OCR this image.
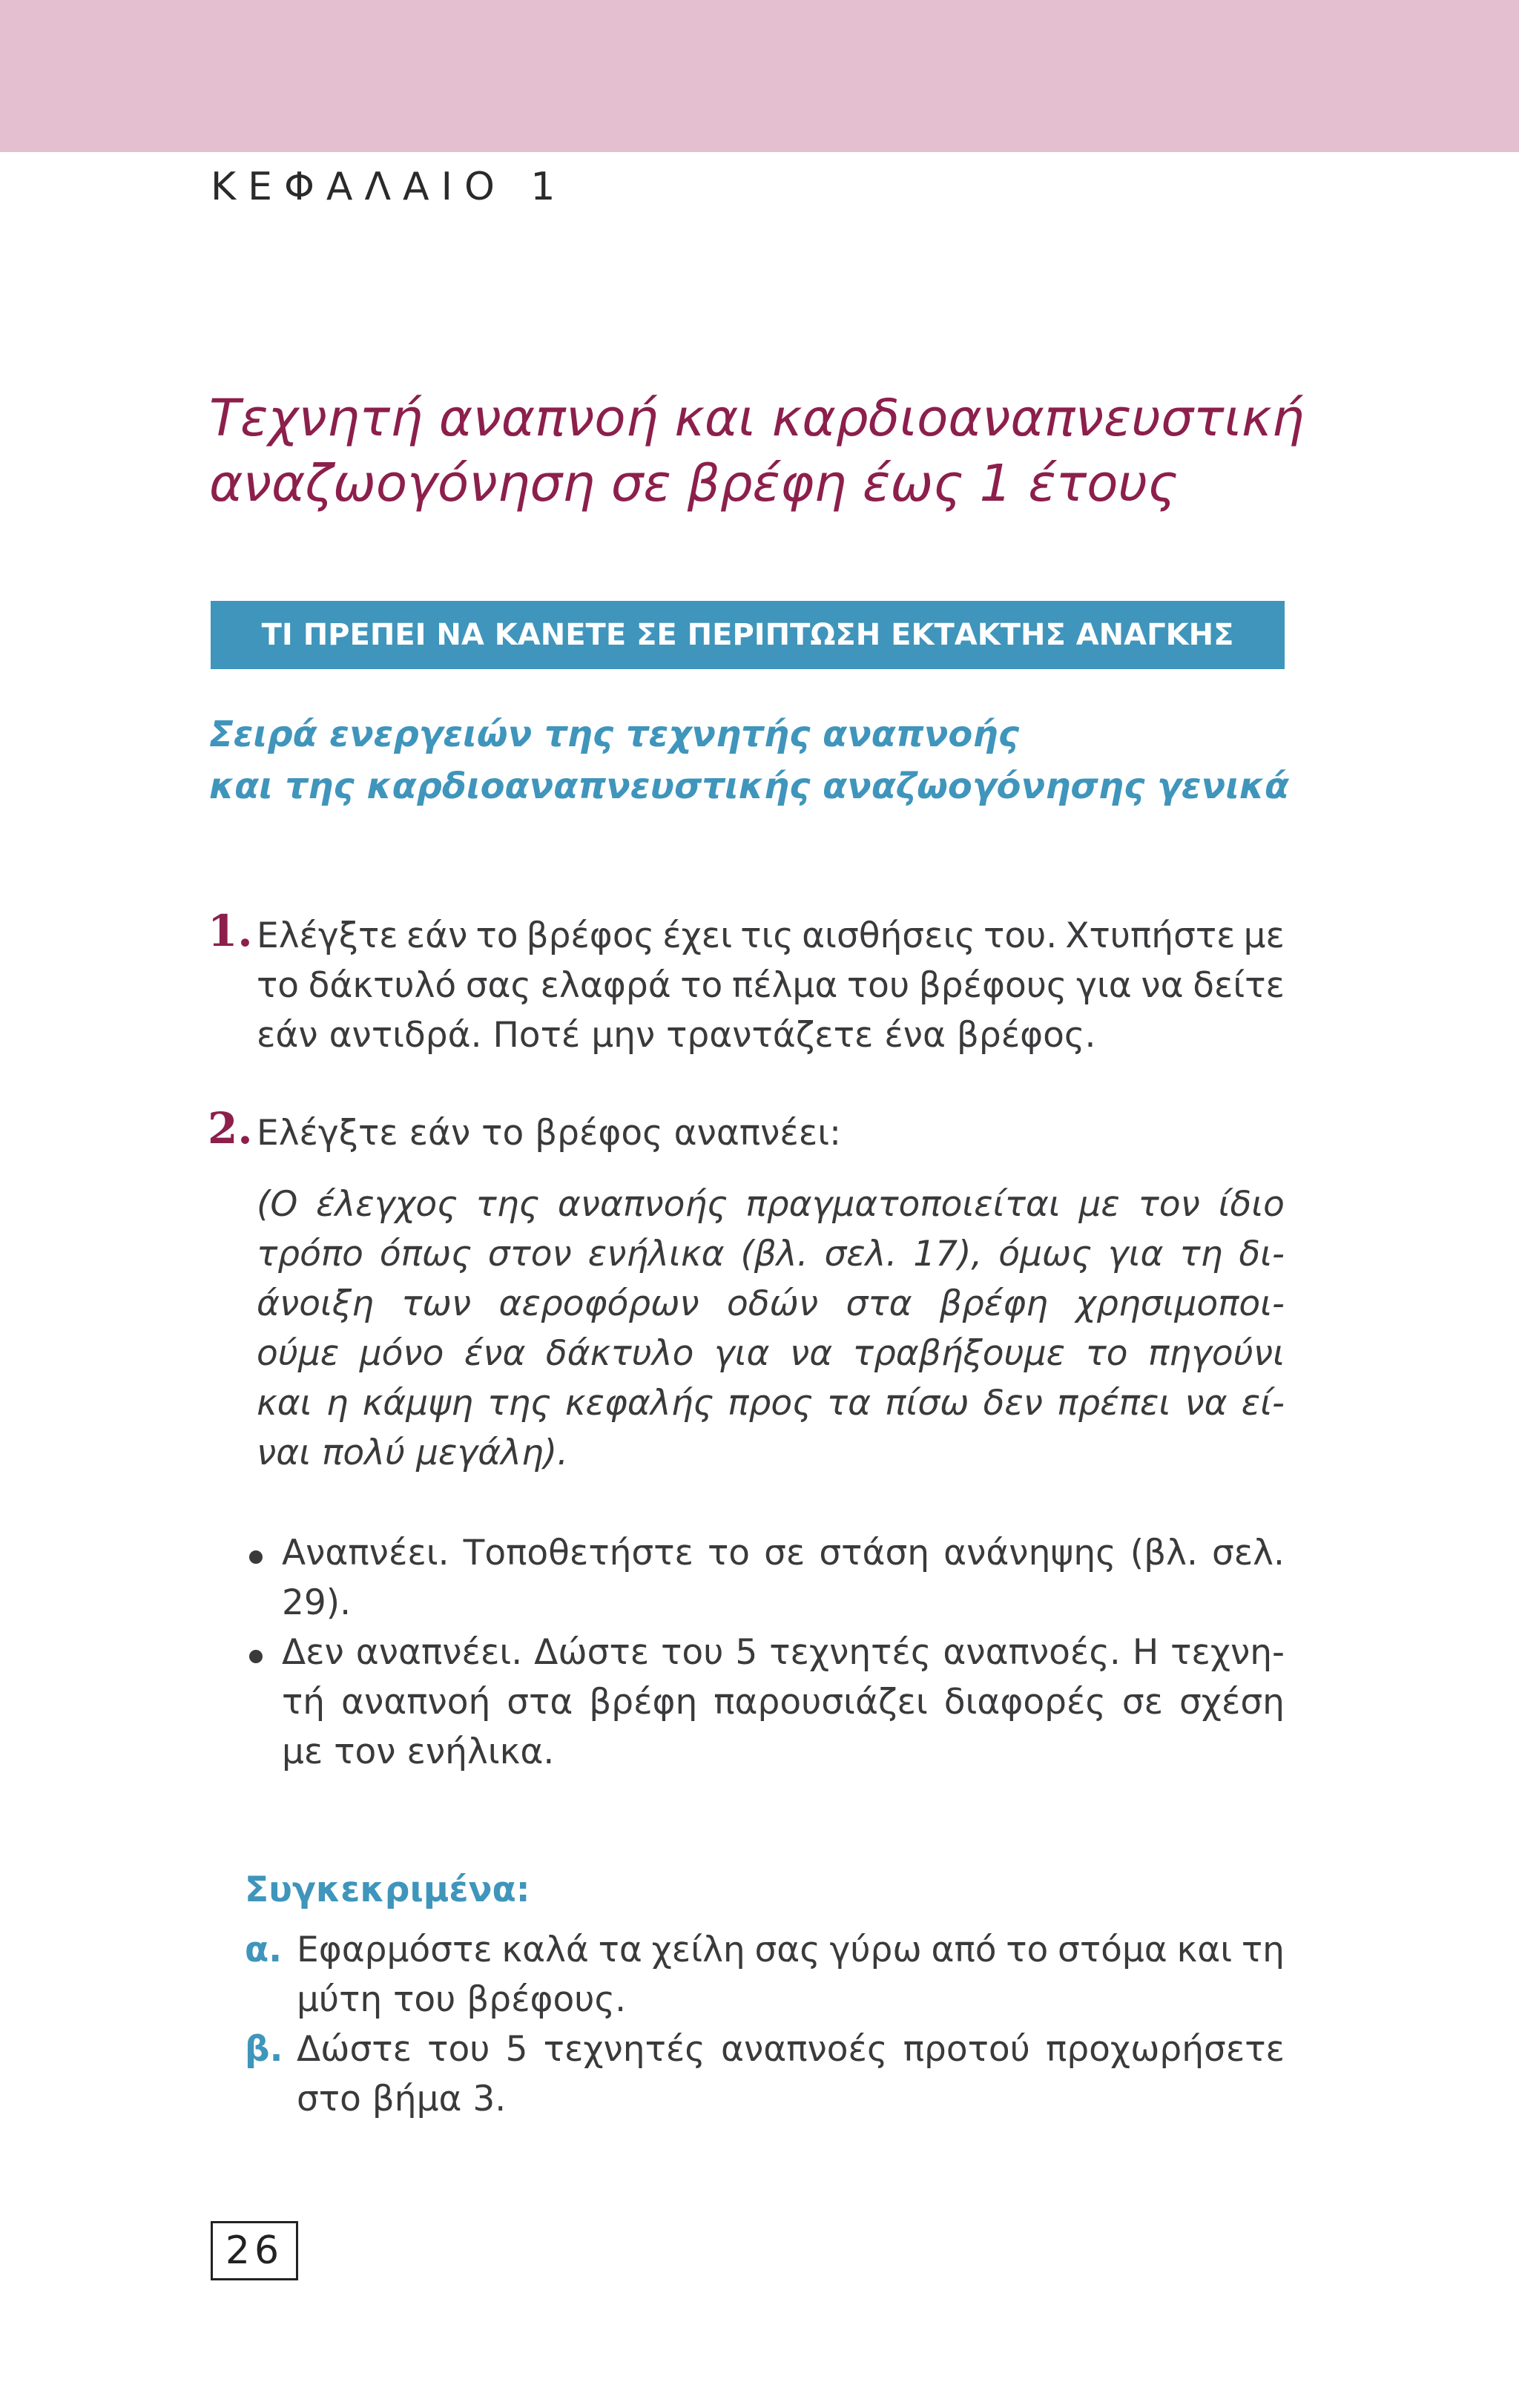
ΚΕΦΑΛΑΙΟ 1
Τεχνητή αναπνοή και καρδιοαναπνευστική
αναζωογόνηση σε βρέφη έως 1 έτους
ΤΙ ΠΡΕΠΕΙ ΝΑ ΚΑΝΕΤΕ ΣΕ ΠΕΡΙΠΤΩΣΗ ΕΚΤΑΚΤΗΣ ΑΝΑΓΚΗΣ
Σειρά ενεργειών της τεχνητής αναπνοής
και της καρδιοαναπνευστικής αναζωογόνησης γενικά
1. Ελέγξτε εάν το βρέφος έχει τις αισθήσεις του. Χτυπήστε με
το δάκτυλό σας ελαφρά το πέλμα του βρέφους για να δείτε
εάν αντιδρά. Ποτέ μην τραντάζετε ένα βρέφος.
2. Ελέγξτε εάν το βρέφος αναπνέει:
(Ο έλεγχος της αναπνοής πραγματοποιείται με τον ίδιο
τρόπο όπως στον ενήλικα (βλ. σελ. 17), όμως για τη δι-
άνοιξη των αεροφόρων οδών στα βρέφη χρησιμοποι-
ούμε μόνο ένα δάκτυλο για να τραβήξουμε το πηγούνι
και η κάμψη της κεφαλής προς τα πίσω δεν πρέπει να εί-
ναι πολύ μεγάλη).
Αναπνέει. Τοποθετήστε το σε στάση ανάνηψης (βλ. σελ.
29).
Δεν αναπνέει. Δώστε του 5 τεχνητές αναπνοές. Η τεχνη-
τή αναπνοή στα βρέφη παρουσιάζει διαφορές σε σχέση
με τον ενήλικα.
Συγκεκριμένα:
α. Εφαρμόστε καλά τα χείλη σας γύρω από το στόμα και τη
μύτη του βρέφους.
β. Δώστε του 5 τεχνητές αναπνοές προτού προχωρήσετε
στο βήμα 3.
26
